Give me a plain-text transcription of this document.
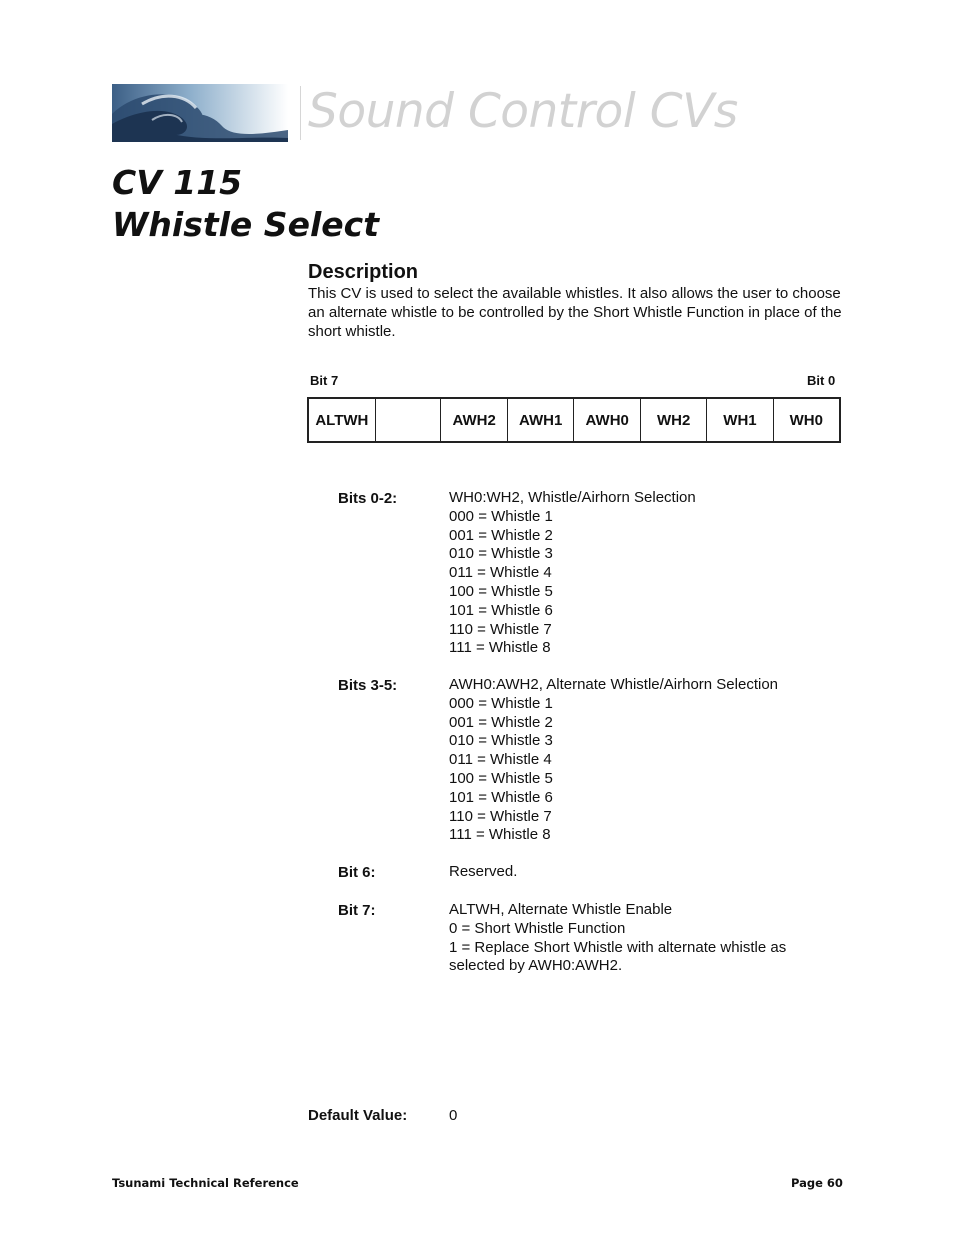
Sound Control CVs
CV 115
Whistle Select
Description
This CV is used to select the available whistles. It also allows the user to choose an alternate whistle to be controlled by the Short Whistle Function in place of the short whistle.
Bit 7	Bit 0
ALTWH		AWH2	AWH1	AWH0	WH2	WH1	WH0
Bits 0-2:	WH0:WH2, Whistle/Airhorn Selection
000 = Whistle 1
001 = Whistle 2
010 = Whistle 3
011 = Whistle 4
100 = Whistle 5
101 = Whistle 6
110 = Whistle 7
111 = Whistle 8
Bits 3-5:	AWH0:AWH2, Alternate Whistle/Airhorn Selection
000 = Whistle 1
001 = Whistle 2
010 = Whistle 3
011 = Whistle 4
100 = Whistle 5
101 = Whistle 6
110 = Whistle 7
111 = Whistle 8
Bit 6:	Reserved.
Bit 7:	ALTWH, Alternate Whistle Enable
0 = Short Whistle Function
1 = Replace Short Whistle with alternate whistle as
selected by AWH0:AWH2.
Default Value:	0
Tsunami Technical Reference	Page 60
